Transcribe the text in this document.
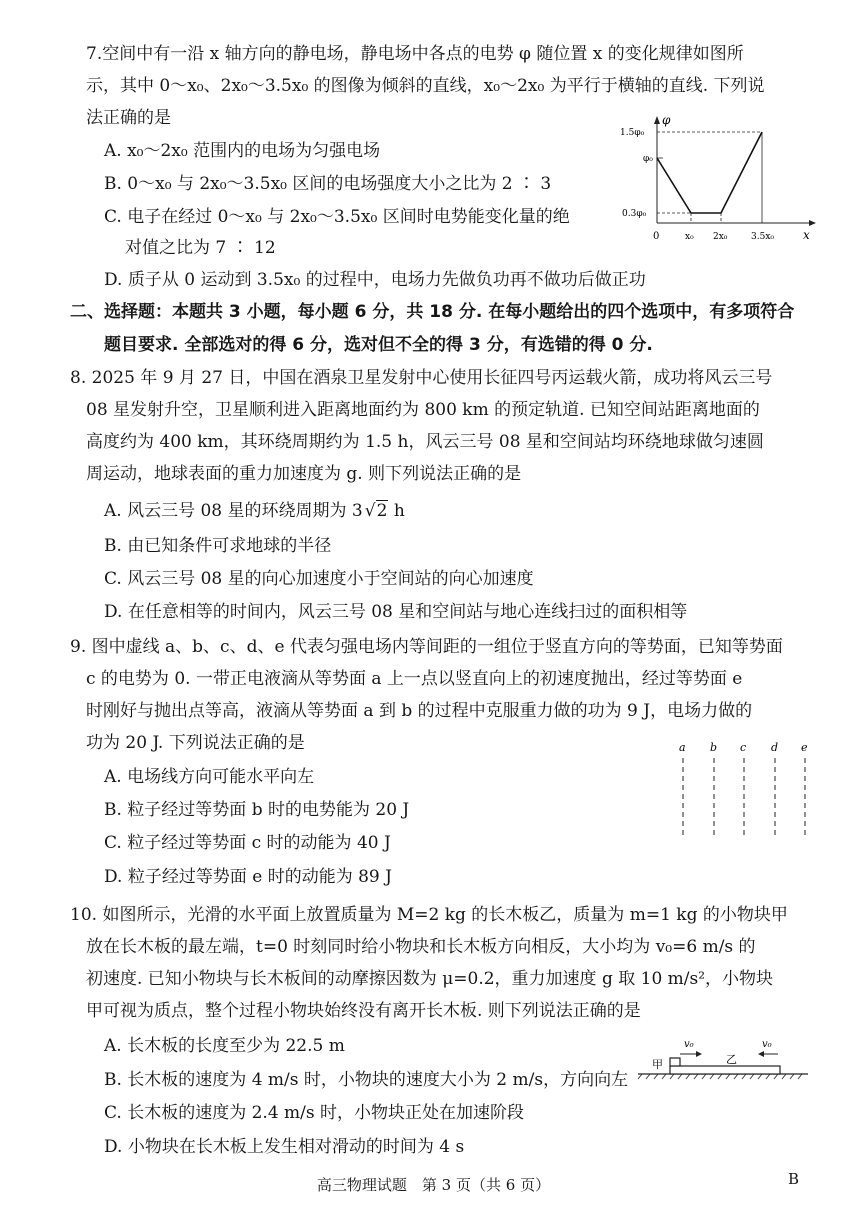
7.空间中有一沿 x 轴方向的静电场，静电场中各点的电势 φ 随位置 x 的变化规律如图所
示，其中 0～x₀、2x₀～3.5x₀ 的图像为倾斜的直线，x₀～2x₀ 为平行于横轴的直线. 下列说
法正确的是
A. x₀～2x₀ 范围内的电场为匀强电场
B. 0～x₀ 与 2x₀～3.5x₀ 区间的电场强度大小之比为 2 ∶ 3
C. 电子在经过 0～x₀ 与 2x₀～3.5x₀ 区间时电势能变化量的绝
对值之比为 7 ∶ 12
D. 质子从 0 运动到 3.5x₀ 的过程中，电场力先做负功再不做功后做正功
φ
x
0
1.5φ₀
φ₀
0.3φ₀
x₀ 2x₀	3.5x₀
二、选择题：本题共 3 小题，每小题 6 分，共 18 分. 在每小题给出的四个选项中，有多项符合
题目要求. 全部选对的得 6 分，选对但不全的得 3 分，有选错的得 0 分.
8. 2025 年 9 月 27 日，中国在酒泉卫星发射中心使用长征四号丙运载火箭，成功将风云三号
08 星发射升空，卫星顺利进入距离地面约为 800 km 的预定轨道. 已知空间站距离地面的
高度约为 400 km，其环绕周期约为 1.5 h，风云三号 08 星和空间站均环绕地球做匀速圆
周运动，地球表面的重力加速度为 g. 则下列说法正确的是
A. 风云三号 08 星的环绕周期为 3 √2 h
B. 由已知条件可求地球的半径
C. 风云三号 08 星的向心加速度小于空间站的向心加速度
D. 在任意相等的时间内，风云三号 08 星和空间站与地心连线扫过的面积相等
9. 图中虚线 a、b、c、d、e 代表匀强电场内等间距的一组位于竖直方向的等势面，已知等势面
c 的电势为 0. 一带正电液滴从等势面 a 上一点以竖直向上的初速度抛出，经过等势面 e
时刚好与抛出点等高，液滴从等势面 a 到 b 的过程中克服重力做的功为 9 J，电场力做的
功为 20 J. 下列说法正确的是
A. 电场线方向可能水平向左
B. 粒子经过等势面 b 时的电势能为 20 J
C. 粒子经过等势面 c 时的动能为 40 J
D. 粒子经过等势面 e 时的动能为 89 J
a b c d e
10. 如图所示，光滑的水平面上放置质量为 M=2 kg 的长木板乙，质量为 m=1 kg 的小物块甲
放在长木板的最左端，t=0 时刻同时给小物块和长木板方向相反，大小均为 v₀=6 m/s 的
初速度. 已知小物块与长木板间的动摩擦因数为 μ=0.2，重力加速度 g 取 10 m/s²，小物块
甲可视为质点，整个过程小物块始终没有离开长木板. 则下列说法正确的是
A. 长木板的长度至少为 22.5 m
B. 长木板的速度为 4 m/s 时，小物块的速度大小为 2 m/s，方向向左
C. 长木板的速度为 2.4 m/s 时，小物块正处在加速阶段
D. 小物块在长木板上发生相对滑动的时间为 4 s
甲	乙
v₀	v₀
高三物理试题　第 3 页（共 6 页）	B
